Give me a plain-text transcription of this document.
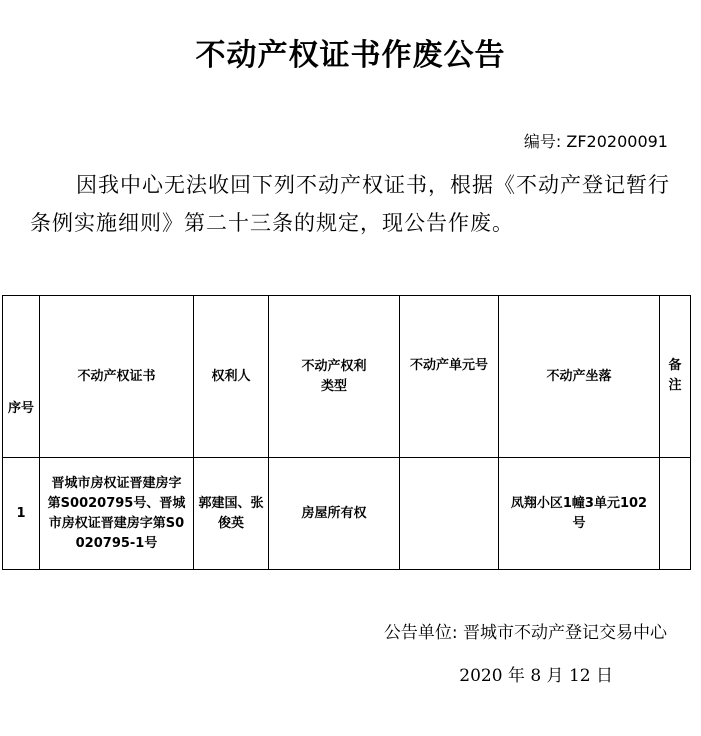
不动产权证书作废公告
编号: ZF20200091
因我中心无法收回下列不动产权证书，根据《不动产登记暂行条例实施细则》第二十三条的规定，现公告作废。
序号	不动产权证书	权利人	不动产权利类型	不动产单元号	不动产坐落	备注
1	晋城市房权证晋建房字第S0020795号、晋城市房权证晋建房字第S0020795-1号	郭建国、张俊英	房屋所有权		凤翔小区1幢3单元102号	
公告单位: 晋城市不动产登记交易中心
2020 年 8 月 12 日
